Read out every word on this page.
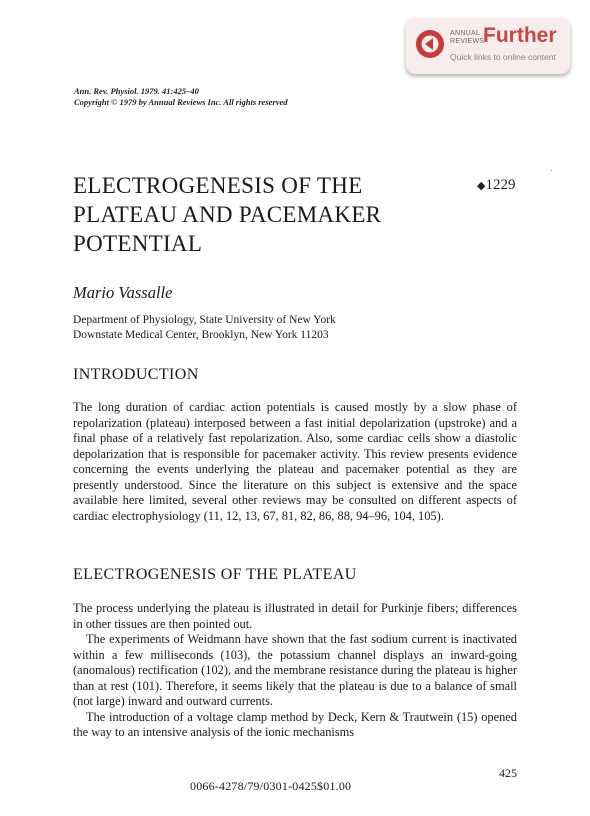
ANNUAL
REVIEWS
Further
Quick links to online content
Ann. Rev. Physiol. 1979. 41:425–40
Copyright © 1979 by Annual Reviews Inc. All rights reserved
ELECTROGENESIS OF THE
PLATEAU AND PACEMAKER
POTENTIAL
◆1229
Mario Vassalle
Department of Physiology, State University of New York
Downstate Medical Center, Brooklyn, New York 11203
INTRODUCTION

The long duration of cardiac action potentials is caused mostly by a slow phase of repolarization (plateau) interposed between a fast initial depolarization (upstroke) and a final phase of a relatively fast repolarization. Also, some cardiac cells show a diastolic depolarization that is responsible for pacemaker activity. This review presents evidence concerning the events underlying the plateau and pacemaker potential as they are presently understood. Since the literature on this subject is extensive and the space available here limited, several other reviews may be consulted on different aspects of cardiac electrophysiology (11, 12, 13, 67, 81, 82, 86, 88, 94–96, 104, 105).

ELECTROGENESIS OF THE PLATEAU

The process underlying the plateau is illustrated in detail for Purkinje fibers; differences in other tissues are then pointed out.

The experiments of Weidmann have shown that the fast sodium current is inactivated within a few milliseconds (103), the potassium channel displays an inward-going (anomalous) rectification (102), and the membrane resistance during the plateau is higher than at rest (101). Therefore, it seems likely that the plateau is due to a balance of small (not large) inward and outward currents.

The introduction of a voltage clamp method by Deck, Kern & Trautwein (15) opened the way to an intensive analysis of the ionic mechanisms

425
0066-4278/79/0301-0425$01.00
